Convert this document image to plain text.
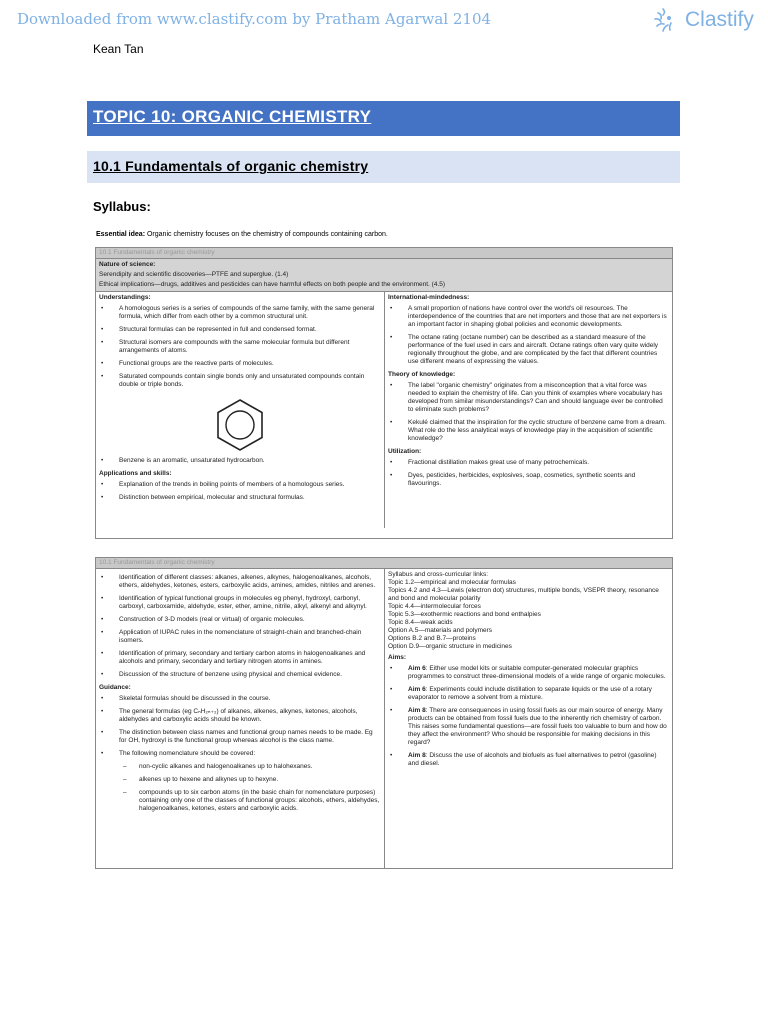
Downloaded from www.clastify.com by Pratham Agarwal 2104	Clastify
Kean Tan
TOPIC 10: ORGANIC CHEMISTRY
10.1 Fundamentals of organic chemistry
Syllabus:
Essential idea: Organic chemistry focuses on the chemistry of compounds containing carbon.
10.1 Fundamentals of organic chemistry
Nature of science:
Serendipity and scientific discoveries—PTFE and superglue. (1.4)
Ethical implications—drugs, additives and pesticides can have harmful effects on both people and the environment. (4.5)
Understandings:
•	A homologous series is a series of compounds of the same family, with the same general formula, which differ from each other by a common structural unit.
•	Structural formulas can be represented in full and condensed format.
•	Structural isomers are compounds with the same molecular formula but different arrangements of atoms.
•	Functional groups are the reactive parts of molecules.
•	Saturated compounds contain single bonds only and unsaturated compounds contain double or triple bonds.
•	Benzene is an aromatic, unsaturated hydrocarbon.
Applications and skills:
•	Explanation of the trends in boiling points of members of a homologous series.
•	Distinction between empirical, molecular and structural formulas.
International-mindedness:
•	A small proportion of nations have control over the world's oil resources. The interdependence of the countries that are net importers and those that are net exporters is an important factor in shaping global policies and economic developments.
•	The octane rating (octane number) can be described as a standard measure of the performance of the fuel used in cars and aircraft. Octane ratings often vary quite widely regionally throughout the globe, and are complicated by the fact that different countries use different means of expressing the values.
Theory of knowledge:
•	The label "organic chemistry" originates from a misconception that a vital force was needed to explain the chemistry of life. Can you think of examples where vocabulary has developed from similar misunderstandings? Can and should language ever be controlled to eliminate such problems?
•	Kekulé claimed that the inspiration for the cyclic structure of benzene came from a dream. What role do the less analytical ways of knowledge play in the acquisition of scientific knowledge?
Utilization:
•	Fractional distillation makes great use of many petrochemicals.
•	Dyes, pesticides, herbicides, explosives, soap, cosmetics, synthetic scents and flavourings.
10.1 Fundamentals of organic chemistry
•	Identification of different classes: alkanes, alkenes, alkynes, halogenoalkanes, alcohols, ethers, aldehydes, ketones, esters, carboxylic acids, amines, amides, nitriles and arenes.
•	Identification of typical functional groups in molecules eg phenyl, hydroxyl, carbonyl, carboxyl, carboxamide, aldehyde, ester, ether, amine, nitrile, alkyl, alkenyl and alkynyl.
•	Construction of 3-D models (real or virtual) of organic molecules.
•	Application of IUPAC rules in the nomenclature of straight-chain and branched-chain isomers.
•	Identification of primary, secondary and tertiary carbon atoms in halogenoalkanes and alcohols and primary, secondary and tertiary nitrogen atoms in amines.
•	Discussion of the structure of benzene using physical and chemical evidence.
Guidance:
•	Skeletal formulas should be discussed in the course.
•	The general formulas (eg CₙH₂ₙ₊₂) of alkanes, alkenes, alkynes, ketones, alcohols, aldehydes and carboxylic acids should be known.
•	The distinction between class names and functional group names needs to be made. Eg for OH, hydroxyl is the functional group whereas alcohol is the class name.
•	The following nomenclature should be covered:
–	non-cyclic alkanes and halogenoalkanes up to halohexanes.
–	alkenes up to hexene and alkynes up to hexyne.
–	compounds up to six carbon atoms (in the basic chain for nomenclature purposes) containing only one of the classes of functional groups: alcohols, ethers, aldehydes, halogenoalkanes, ketones, esters and carboxylic acids.
Syllabus and cross-curricular links:
Topic 1.2—empirical and molecular formulas
Topics 4.2 and 4.3—Lewis (electron dot) structures, multiple bonds, VSEPR theory, resonance and bond and molecular polarity
Topic 4.4—intermolecular forces
Topic 5.3—exothermic reactions and bond enthalpies
Topic 8.4—weak acids
Option A.5—materials and polymers
Options B.2 and B.7—proteins
Option D.9—organic structure in medicines
Aims:
•	Aim 6: Either use model kits or suitable computer-generated molecular graphics programmes to construct three-dimensional models of a wide range of organic molecules.
•	Aim 6: Experiments could include distillation to separate liquids or the use of a rotary evaporator to remove a solvent from a mixture.
•	Aim 8: There are consequences in using fossil fuels as our main source of energy. Many products can be obtained from fossil fuels due to the inherently rich chemistry of carbon. This raises some fundamental questions—are fossil fuels too valuable to burn and how do they affect the environment? Who should be responsible for making decisions in this regard?
•	Aim 8: Discuss the use of alcohols and biofuels as fuel alternatives to petrol (gasoline) and diesel.
